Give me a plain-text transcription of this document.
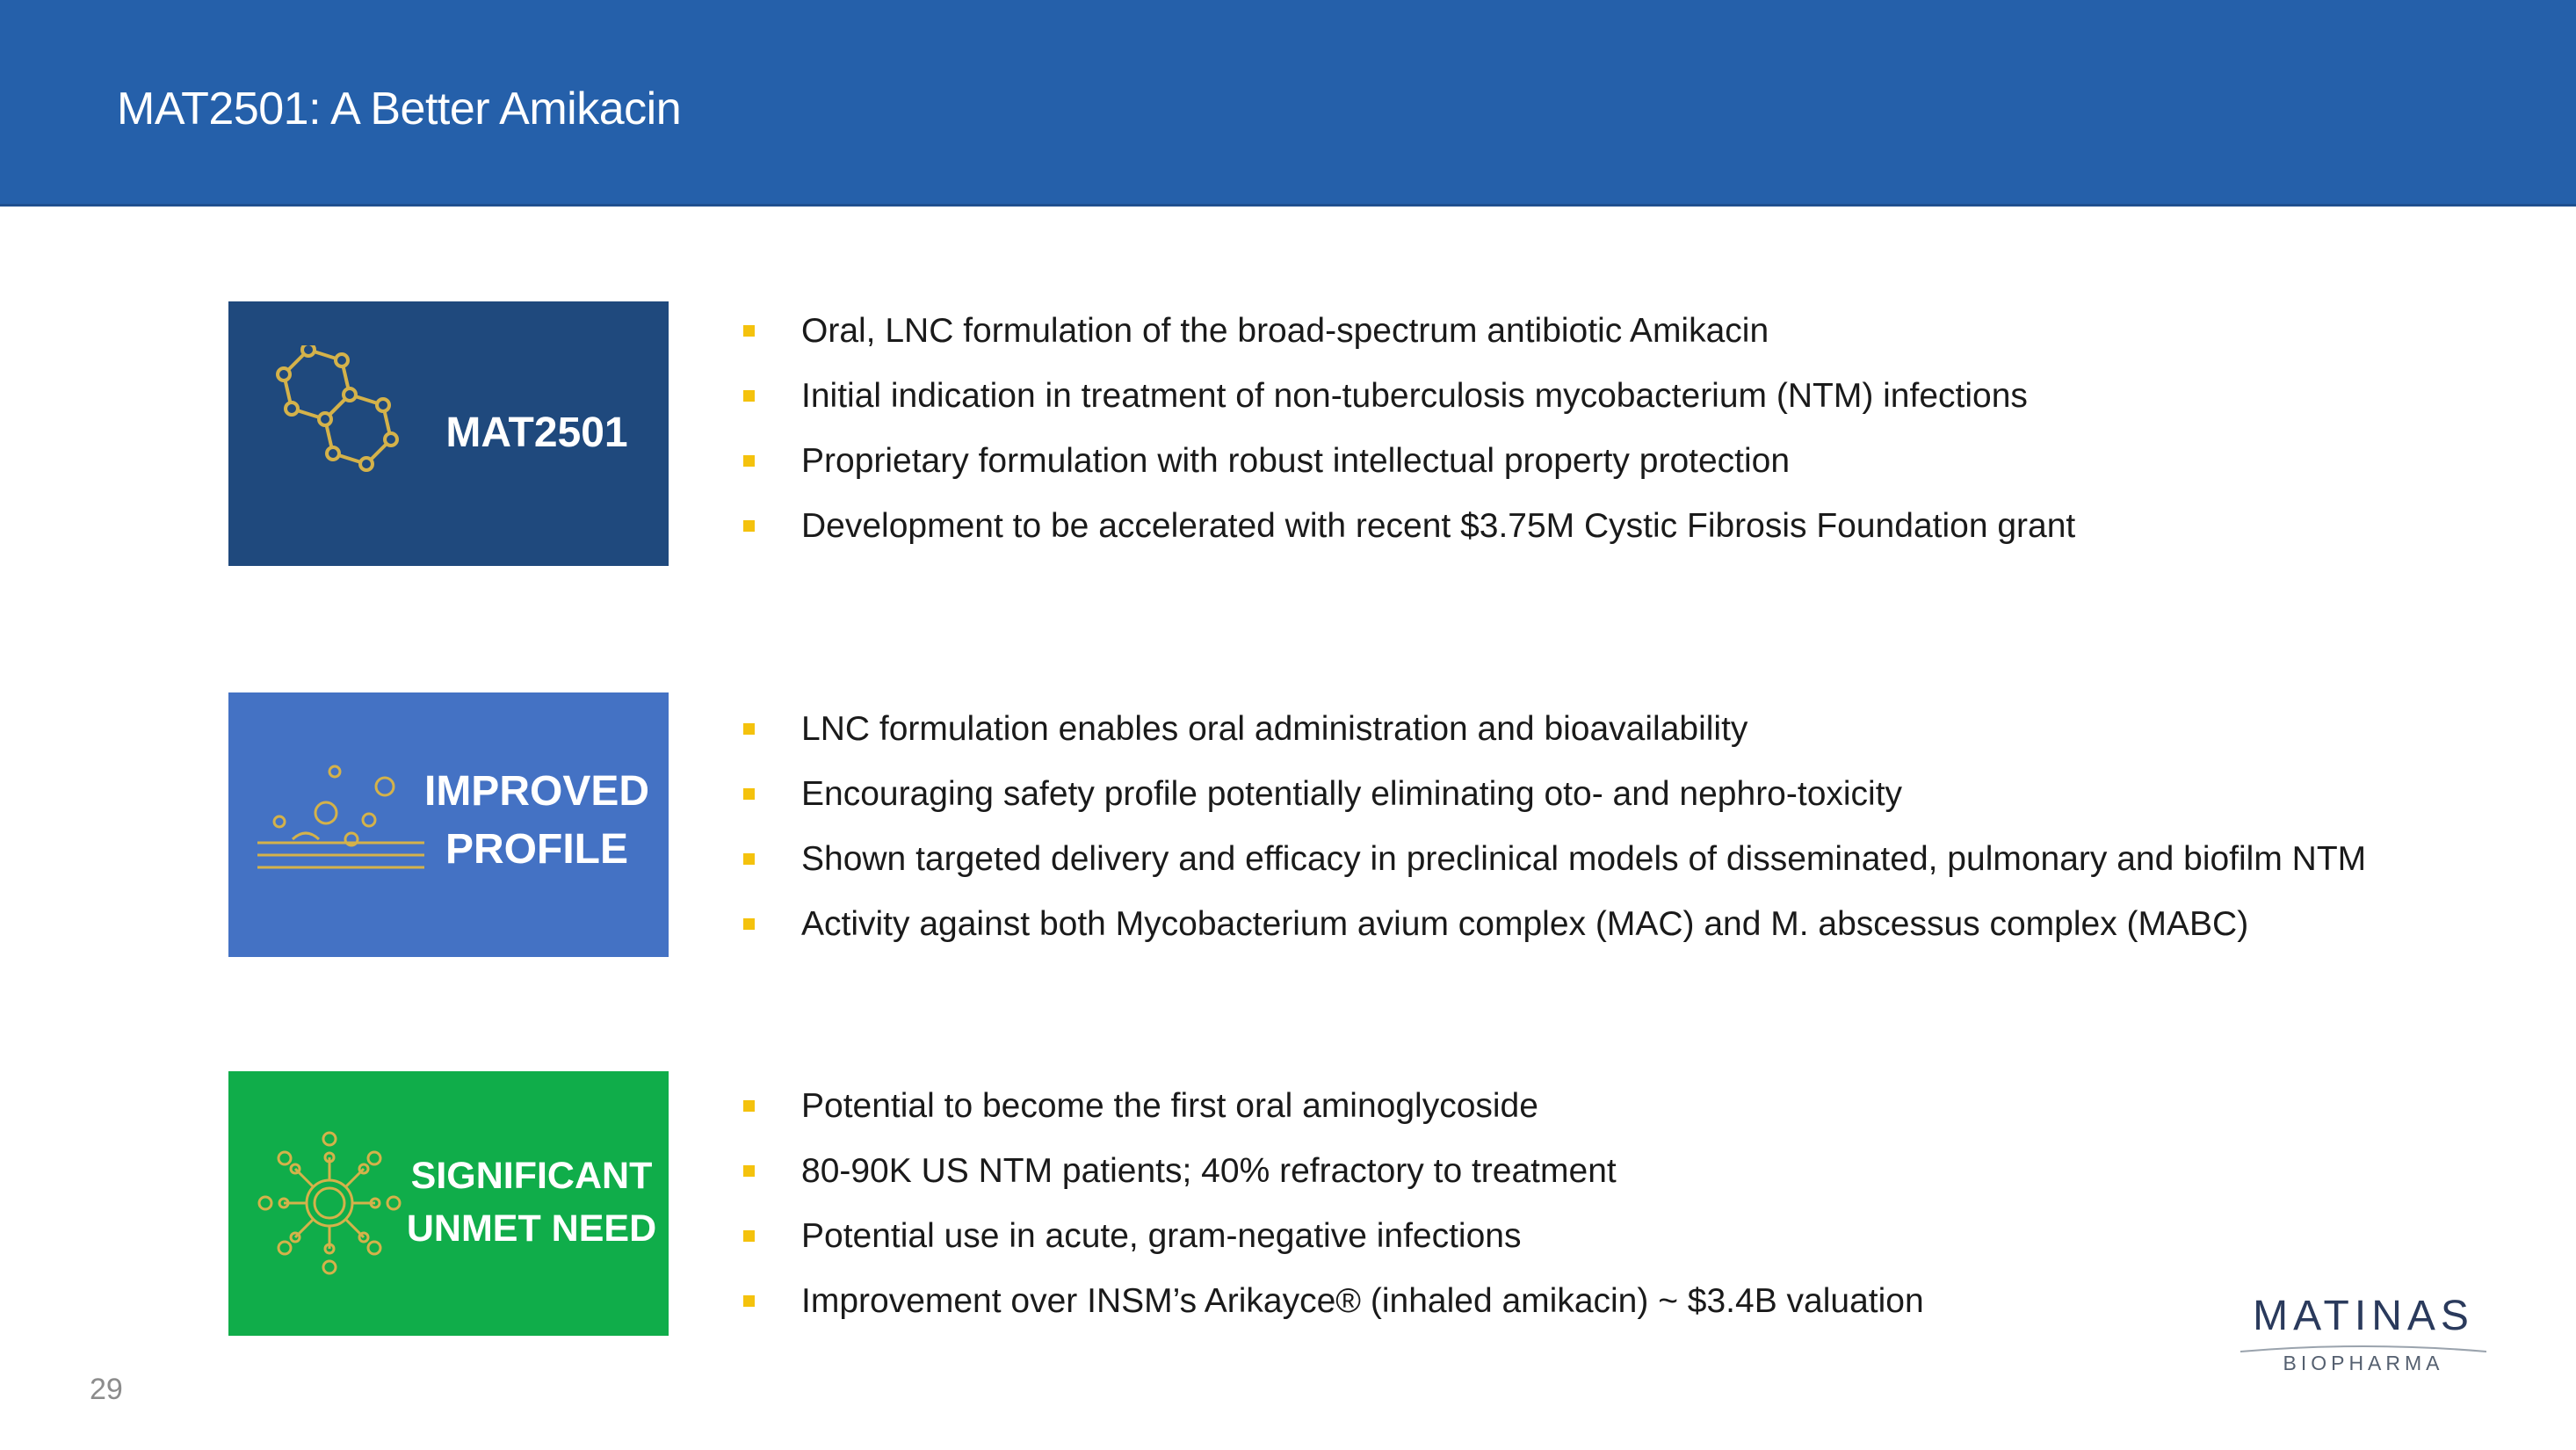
MAT2501: A Better Amikacin
MAT2501
Oral, LNC formulation of the broad-spectrum antibiotic Amikacin
Initial indication in treatment of non-tuberculosis mycobacterium (NTM) infections
Proprietary formulation with robust intellectual property protection
Development to be accelerated with recent $3.75M Cystic Fibrosis Foundation grant
IMPROVED
PROFILE
LNC formulation enables oral administration and bioavailability
Encouraging safety profile potentially eliminating oto- and nephro-toxicity
Shown targeted delivery and efficacy in preclinical models of disseminated, pulmonary and biofilm NTM
Activity against both Mycobacterium avium complex (MAC) and M. abscessus complex (MABC)
SIGNIFICANT
UNMET NEED
Potential to become the first oral aminoglycoside
80-90K US NTM patients; 40% refractory to treatment
Potential use in acute, gram-negative infections
Improvement over INSM’s Arikayce® (inhaled amikacin) ~ $3.4B valuation
29
MATINAS
BIOPHARMA
